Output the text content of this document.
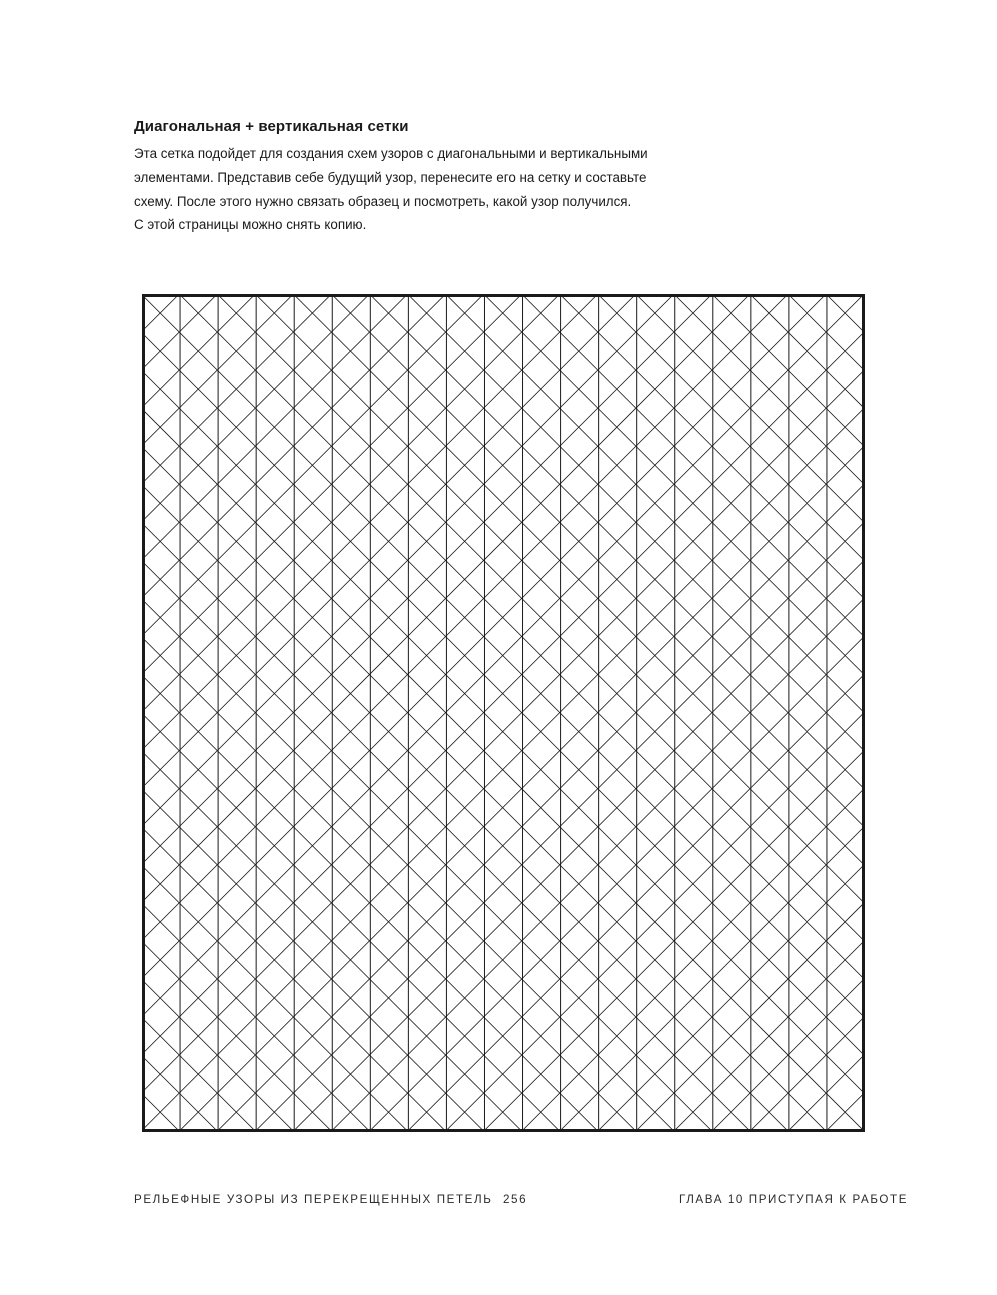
Диагональная + вертикальная сетки

Эта сетка подойдет для создания схем узоров с диагональными и вертикальными

элементами. Представив себе будущий узор, перенесите его на сетку и составьте

схему. После этого нужно связать образец и посмотреть, какой узор получился.

С этой страницы можно снять копию.

РЕЛЬЕФНЫЕ УЗОРЫ ИЗ ПЕРЕКРЕЩЕННЫХ ПЕТЕЛЬ 256	ГЛАВА 10 ПРИСТУПАЯ К РАБОТЕ
